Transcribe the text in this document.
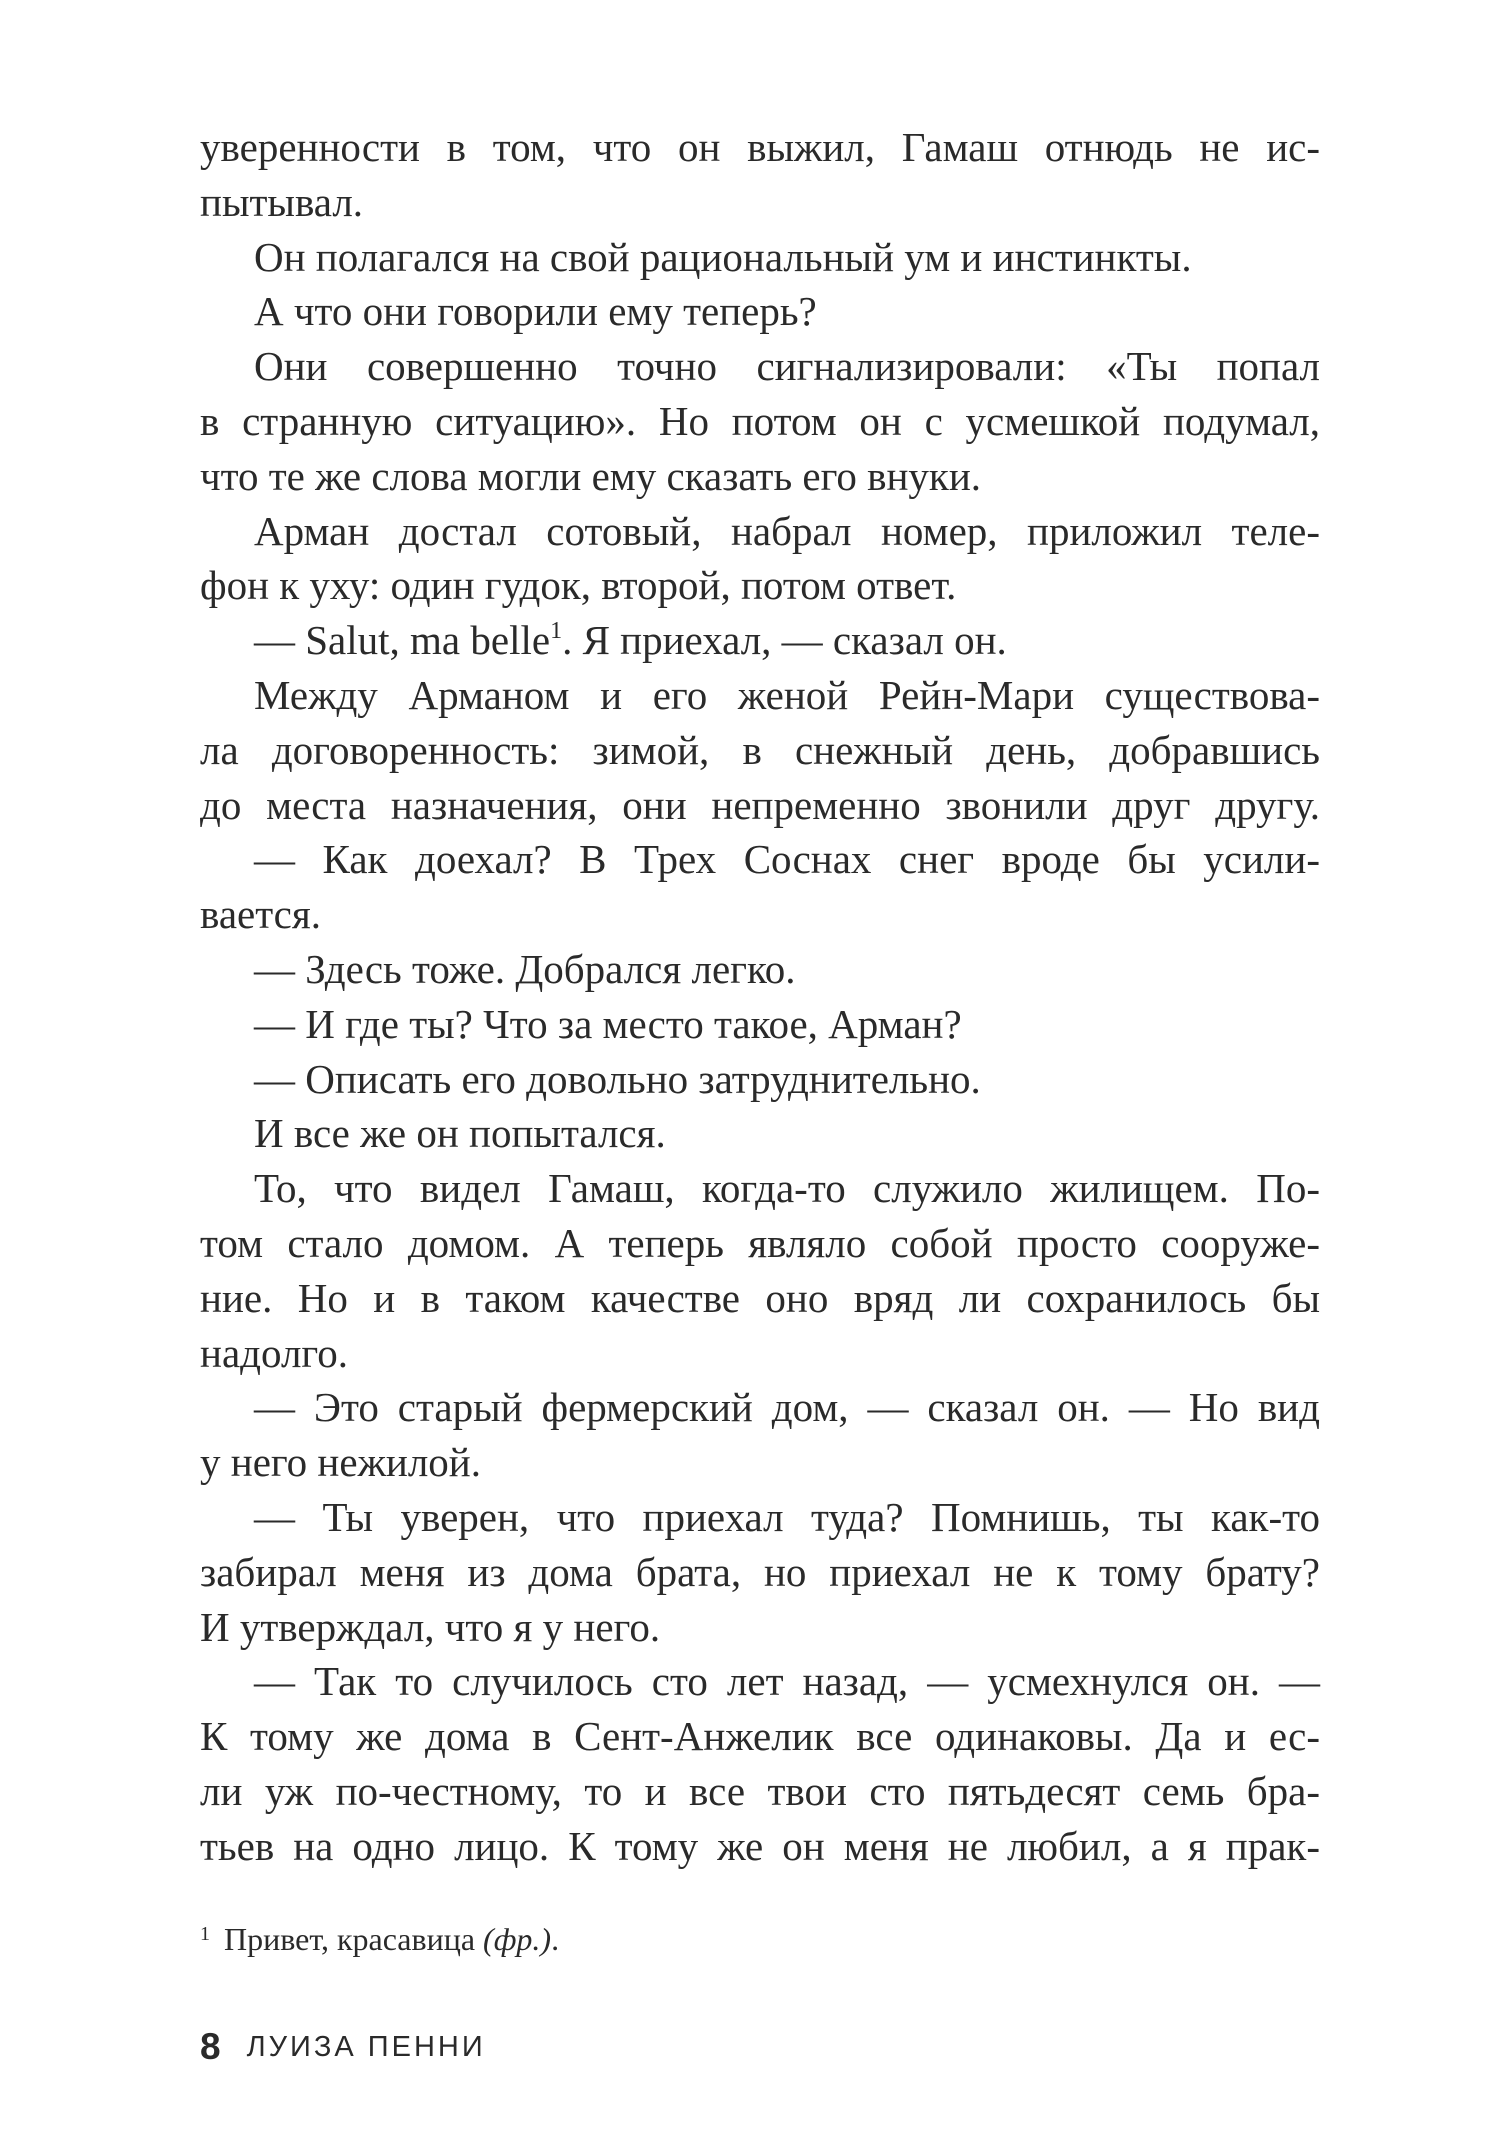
уверенности в том, что он выжил, Гамаш отнюдь не ис-
пытывал.
Он полагался на свой рациональный ум и инстинкты.
А что они говорили ему теперь?
Они совершенно точно сигнализировали: «Ты попал
в странную ситуацию». Но потом он с усмешкой подумал,
что те же слова могли ему сказать его внуки.
Арман достал сотовый, набрал номер, приложил теле-
фон к уху: один гудок, второй, потом ответ.
— Salut, ma belle$^1$. Я приехал, — сказал он.
Между Арманом и его женой Рейн-Мари существова-
ла договоренность: зимой, в снежный день, добравшись
до места назначения, они непременно звонили друг другу.
— Как доехал? В Трех Соснах снег вроде бы усили-
вается.
— Здесь тоже. Добрался легко.
— И где ты? Что за место такое, Арман?
— Описать его довольно затруднительно.
И все же он попытался.
То, что видел Гамаш, когда-то служило жилищем. По-
том стало домом. А теперь являло собой просто сооруже-
ние. Но и в таком качестве оно вряд ли сохранилось бы
надолго.
— Это старый фермерский дом, — сказал он. — Но вид
у него нежилой.
— Ты уверен, что приехал туда? Помнишь, ты как-то
забирал меня из дома брата, но приехал не к тому брату?
И утверждал, что я у него.
— Так то случилось сто лет назад, — усмехнулся он. —
К тому же дома в Сент-Анжелик все одинаковы. Да и ес-
ли уж по-честному, то и все твои сто пятьдесят семь бра-
тьев на одно лицо. К тому же он меня не любил, а я прак-
$^1$ Привет, красавица (фр.).
8 ЛУИЗА ПЕННИ
